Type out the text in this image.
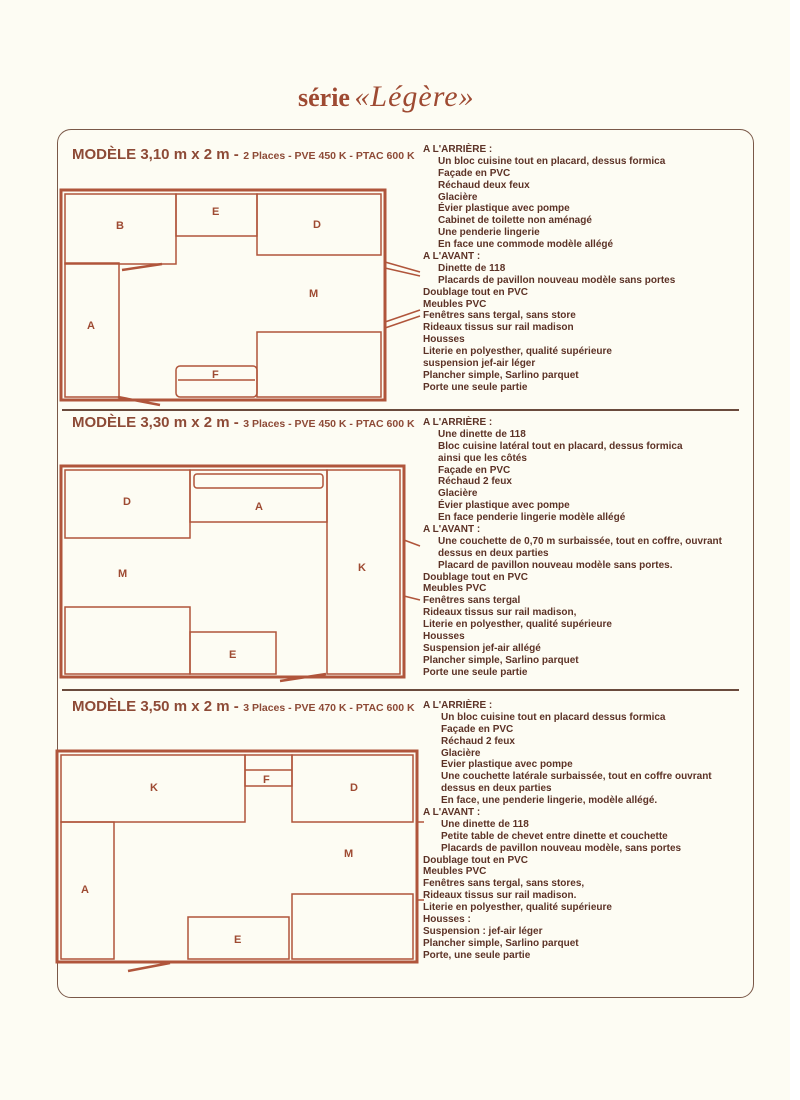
série «Légère»
MODÈLE 3,10 m x 2 m - 2 Places - PVE 450 K - PTAC 600 K
A L'ARRIÈRE :
Un bloc cuisine tout en placard, dessus formica
Façade en PVC
Réchaud deux feux
Glacière
Évier plastique avec pompe
Cabinet de toilette non aménagé
Une penderie lingerie
En face une commode modèle allégé
A L'AVANT :
Dinette de 118
Placards de pavillon nouveau modèle sans portes
Doublage tout en PVC
Meubles PVC
Fenêtres sans tergal, sans store
Rideaux tissus sur rail madison
Housses
Literie en polyesther, qualité supérieure
suspension jef-air léger
Plancher simple, Sarlino parquet
Porte une seule partie
MODÈLE 3,30 m x 2 m - 3 Places - PVE 450 K - PTAC 600 K A L'ARRIÈRE :
Une dinette de 118
Bloc cuisine latéral tout en placard, dessus formica
ainsi que les côtés
Façade en PVC
Réchaud 2 feux
Glacière
Évier plastique avec pompe
En face penderie lingerie modèle allégé
A L'AVANT :
Une couchette de 0,70 m surbaissée, tout en coffre, ouvrant
dessus en deux parties
Placard de pavillon nouveau modèle sans portes.
Doublage tout en PVC
Meubles PVC
Fenêtres sans tergal
Rideaux tissus sur rail madison,
Literie en polyesther, qualité supérieure
Housses
Suspension jef-air allégé
Plancher simple, Sarlino parquet
Porte une seule partie
MODÈLE 3,50 m x 2 m - 3 Places - PVE 470 K - PTAC 600 K A L'ARRIÈRE :
Un bloc cuisine tout en placard dessus formica
Façade en PVC
Réchaud 2 feux
Glacière
Evier plastique avec pompe
Une couchette latérale surbaissée, tout en coffre ouvrant
dessus en deux parties
En face, une penderie lingerie, modèle allégé.
A L'AVANT :
Une dinette de 118
Petite table de chevet entre dinette et couchette
Placards de pavillon nouveau modèle, sans portes
Doublage tout en PVC
Meubles PVC
Fenêtres sans tergal, sans stores,
Rideaux tissus sur rail madison.
Literie en polyesther, qualité supérieure
Housses :
Suspension : jef-air léger
Plancher simple, Sarlino parquet
Porte, une seule partie
B
E
D
A
M
F
D	A
K
M
E
K
F
D
M
A
E
